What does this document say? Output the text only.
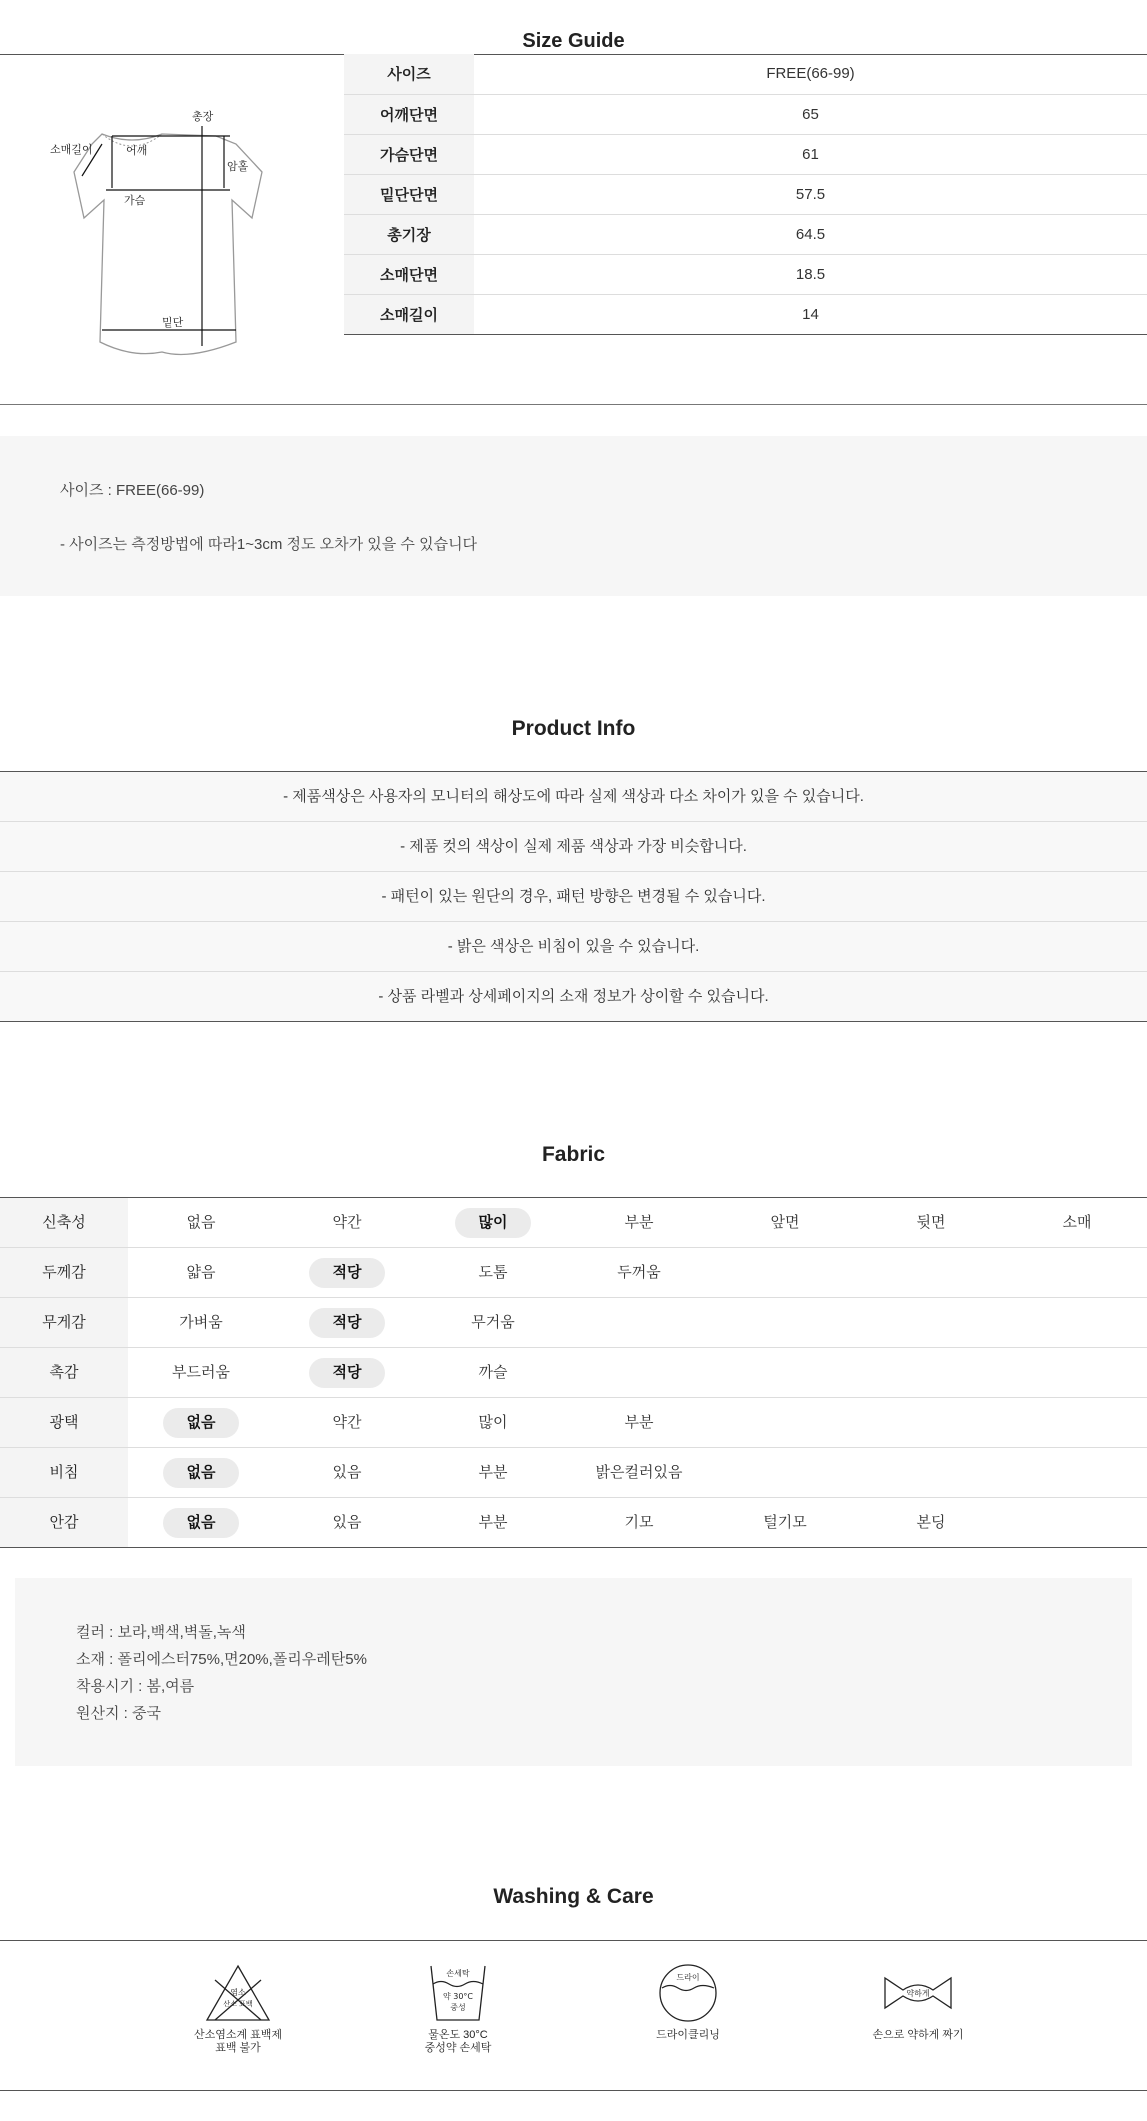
Size Guide
총장
소매길이	어깨
암홀
가슴
밑단
사이즈	FREE(66-99)
어깨단면	65
가슴단면	61
밑단단면	57.5
총기장	64.5
소매단면	18.5
소매길이	14
사이즈 : FREE(66-99)
- 사이즈는 측정방법에 따라1~3cm 정도 오차가 있을 수 있습니다
Product Info
- 제품색상은 사용자의 모니터의 해상도에 따라 실제 색상과 다소 차이가 있을 수 있습니다.
- 제품 컷의 색상이 실제 제품 색상과 가장 비슷합니다.
- 패턴이 있는 원단의 경우, 패턴 방향은 변경될 수 있습니다.
- 밝은 색상은 비침이 있을 수 있습니다.
- 상품 라벨과 상세페이지의 소재 정보가 상이할 수 있습니다.
Fabric
신축성	없음	약간	많이	부분	앞면	뒷면	소매
두께감	얇음	적당	도톰	두꺼움
무게감	가벼움	적당	무거움
촉감	부드러움	적당	까슬
광택	없음	약간	많이	부분
비침	없음	있음	부분	밝은컬러있음
안감	없음	있음	부분	기모	털기모	본딩
컬러 : 보라,백색,벽돌,녹색
소재 : 폴리에스터75%,면20%,폴리우레탄5%
착용시기 : 봄,여름
원산지 : 중국
Washing & Care
염소
산소 표백
산소염소계 표백제
표백 불가
손세탁
약 30°C
중성
물온도 30°C
중성약 손세탁
드라이
드라이클리닝
약하게
손으로 약하게 짜기
